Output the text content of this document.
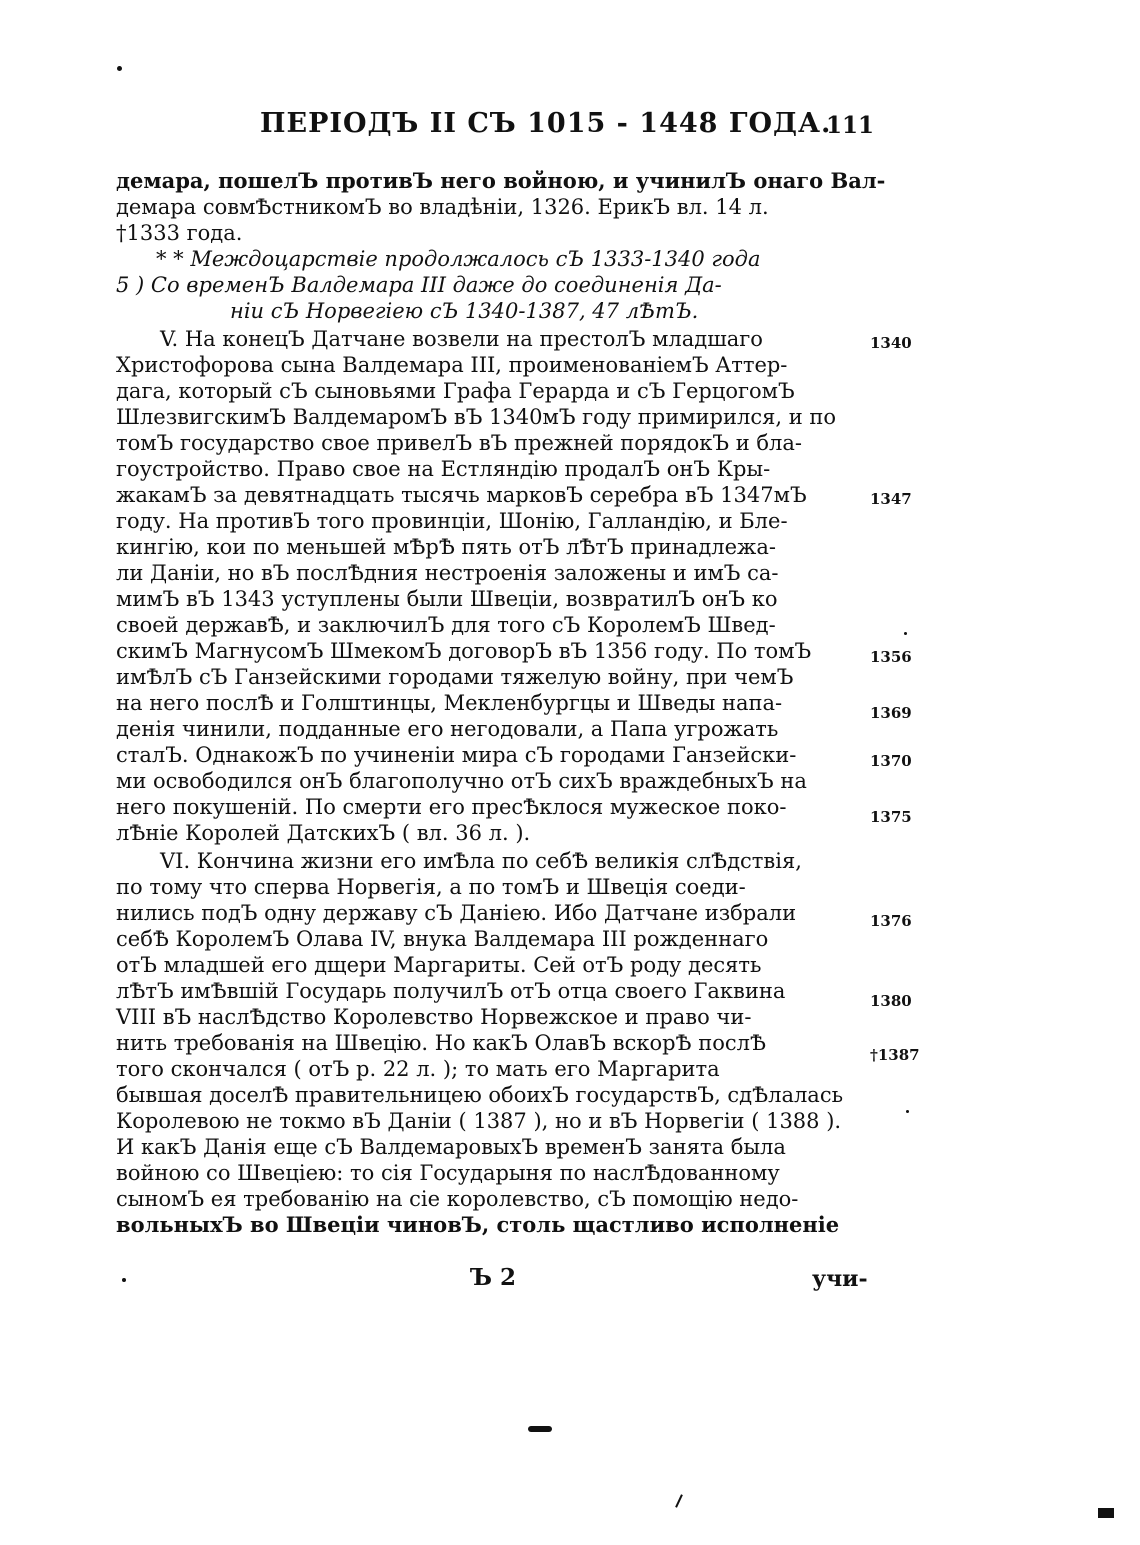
ПЕРІОДЪ II СЪ 1015 - 1448 ГОДА.
111
демара, пошелЪ противЪ него войною, и учинилЪ онаго Вал-
демара совмѢстникомЪ во владѣніи, 1326. ЕрикЪ вл. 14 л.
†1333 года.
* * Междоцарствіе продолжалось сЪ 1333-1340 года
5 ) Со временЪ Валдемара III даже до соединенія Да-
ніи сЪ Норвегіею сЪ 1340-1387, 47 лѢтЪ.
V. На конецЪ Датчане возвели на престолЪ младшаго
Христофорова сына Валдемара III, проименованіемЪ Аттер-
дага, который сЪ сыновьями Графа Герарда и сЪ ГерцогомЪ
ШлезвигскимЪ ВалдемаромЪ вЪ 1340мЪ году примирился, и по
томЪ государство свое привелЪ вЪ прежней порядокЪ и бла-
гоустройство. Право свое на Естляндію продалЪ онЪ Кры-
жакамЪ за девятнадцать тысячь марковЪ серебра вЪ 1347мЪ
году. На противЪ того провинціи, Шонію, Галландію, и Бле-
кингію, кои по меньшей мѢрѢ пять отЪ лѢтЪ принадлежа-
ли Даніи, но вЪ послѢдния нестроенія заложены и имЪ са-
мимЪ вЪ 1343 уступлены были Швеціи, возвратилЪ онЪ ко
своей державѢ, и заключилЪ для того сЪ КоролемЪ Швед-
скимЪ МагнусомЪ ШмекомЪ договорЪ вЪ 1356 году. По томЪ
имѢлЪ сЪ Ганзейскими городами тяжелую войну, при чемЪ
на него послѢ и Голштинцы, Мекленбургцы и Шведы напа-
денія чинили, подданные его негодовали, а Папа угрожать
сталЪ. ОднакожЪ по учиненіи мира сЪ городами Ганзейски-
ми освободился онЪ благополучно отЪ сихЪ враждебныхЪ на
него покушеній. По смерти его пресѢклося мужеское поко-
лѢніе Королей ДатскихЪ ( вл. 36 л. ).
VI. Кончина жизни его имѢла по себѢ великія слѢдствія,
по тому что сперва Норвегія, а по томЪ и Швеція соеди-
нились подЪ одну державу сЪ Даніею. Ибо Датчане избрали
себѢ КоролемЪ Олава IV, внука Валдемара III рожденнаго
отЪ младшей его дщери Маргариты. Сей отЪ роду десять
лѢтЪ имѢвшій Государь получилЪ отЪ отца своего Гаквина
VIII вЪ наслѢдство Королевство Норвежское и право чи-
нить требованія на Швецію. Но какЪ ОлавЪ вскорѢ послѢ
того скончался ( отЪ р. 22 л. ); то мать его Маргарита
бывшая доселѢ правительницею обоихЪ государствЪ, сдѢлалась
Королевою не токмо вЪ Даніи ( 1387 ), но и вЪ Норвегіи ( 1388 ).
И какЪ Данія еще сЪ ВалдемаровыхЪ временЪ занята была
войною со Швеціею: то сія Государыня по наслѢдованному
сыномЪ ея требованію на сіе королевство, сЪ помощію недо-
вольныхЪ во Швеціи чиновЪ, столь щастливо исполненіе
1340
1347
1356
1369
1370
1375
1376
1380
†1387
Ъ 2	учи-
